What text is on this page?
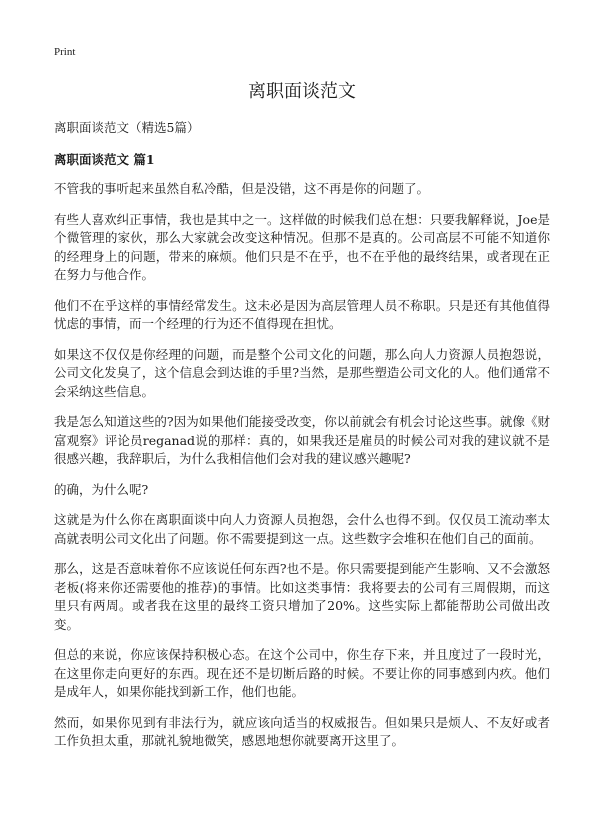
Print
离职面谈范文

离职面谈范文（精选5篇）

离职面谈范文 篇1

不管我的事听起来虽然自私冷酷，但是没错，这不再是你的问题了。

有些人喜欢纠正事情，我也是其中之一。这样做的时候我们总在想：只要我解释说，Joe是个微管理的家伙，那么大家就会改变这种情况。但那不是真的。公司高层不可能不知道你的经理身上的问题，带来的麻烦。他们只是不在乎，也不在乎他的最终结果，或者现在正在努力与他合作。

他们不在乎这样的事情经常发生。这未必是因为高层管理人员不称职。只是还有其他值得忧虑的事情，而一个经理的行为还不值得现在担忧。

如果这不仅仅是你经理的问题，而是整个公司文化的问题，那么向人力资源人员抱怨说，公司文化发臭了，这个信息会到达谁的手里?当然，是那些塑造公司文化的人。他们通常不会采纳这些信息。

我是怎么知道这些的?因为如果他们能接受改变，你以前就会有机会讨论这些事。就像《财富观察》评论员reganad说的那样：真的，如果我还是雇员的时候公司对我的建议就不是很感兴趣，我辞职后，为什么我相信他们会对我的建议感兴趣呢?

的确，为什么呢?

这就是为什么你在离职面谈中向人力资源人员抱怨，会什么也得不到。仅仅员工流动率太高就表明公司文化出了问题。你不需要提到这一点。这些数字会堆积在他们自己的面前。

那么，这是否意味着你不应该说任何东西?也不是。你只需要提到能产生影响、又不会激怒老板(将来你还需要他的推荐)的事情。比如这类事情：我将要去的公司有三周假期，而这里只有两周。或者我在这里的最终工资只增加了20%。这些实际上都能帮助公司做出改变。

但总的来说，你应该保持积极心态。在这个公司中，你生存下来，并且度过了一段时光，在这里你走向更好的东西。现在还不是切断后路的时候。不要让你的同事感到内疚。他们是成年人，如果你能找到新工作，他们也能。

然而，如果你见到有非法行为，就应该向适当的权威报告。但如果只是烦人、不友好或者工作负担太重，那就礼貌地微笑，感恩地想你就要离开这里了。
